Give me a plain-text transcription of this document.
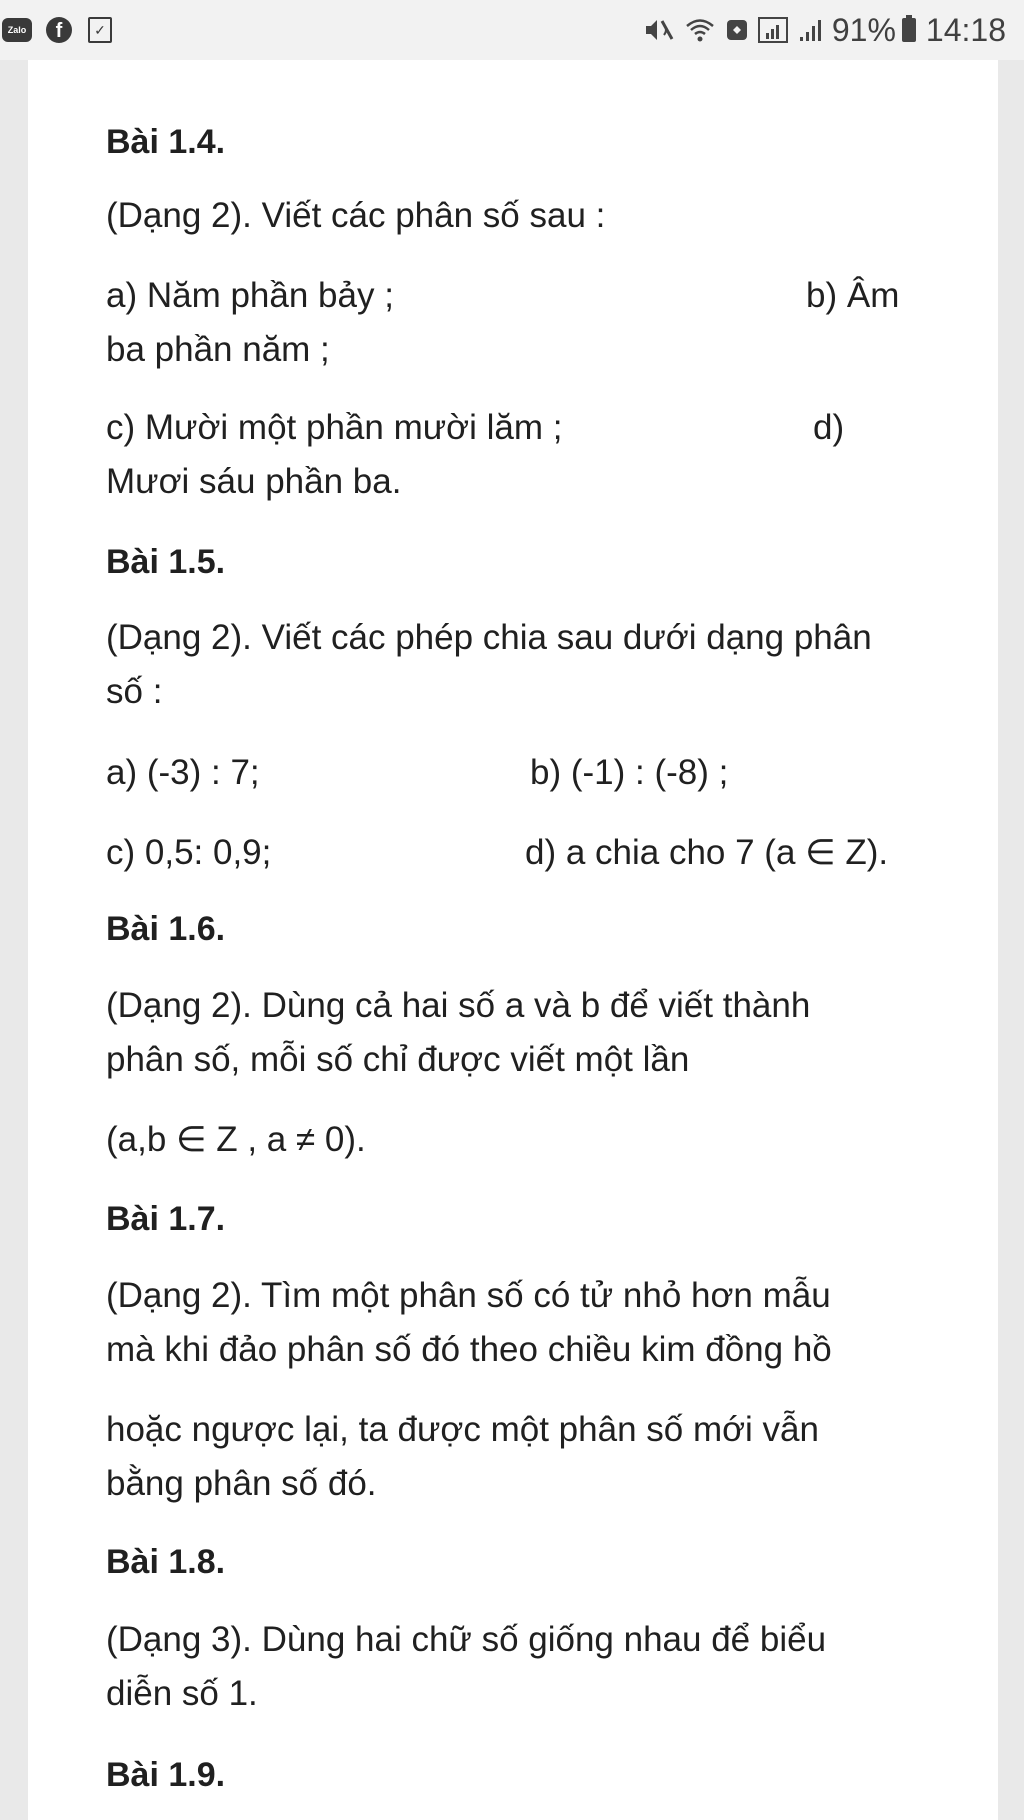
Zalo	f	✓	91% 14:18
Bài 1.4.
(Dạng 2). Viết các phân số sau :
a) Năm phần bảy ;	b) Âm
ba phần năm ;
c) Mười một phần mười lăm ;	d)
Mươi sáu phần ba.
Bài 1.5.
(Dạng 2). Viết các phép chia sau dưới dạng phân
số :
a) (-3) : 7;	b) (-1) : (-8) ;
c) 0,5: 0,9;	d) a chia cho 7 (a ∈ Z).
Bài 1.6.
(Dạng 2). Dùng cả hai số a và b để viết thành
phân số, mỗi số chỉ được viết một lần
(a,b ∈ Z , a ≠ 0).
Bài 1.7.
(Dạng 2). Tìm một phân số có tử nhỏ hơn mẫu
mà khi đảo phân số đó theo chiều kim đồng hồ
hoặc ngược lại, ta được một phân số mới vẫn
bằng phân số đó.
Bài 1.8.
(Dạng 3). Dùng hai chữ số giống nhau để biểu
diễn số 1.
Bài 1.9.
